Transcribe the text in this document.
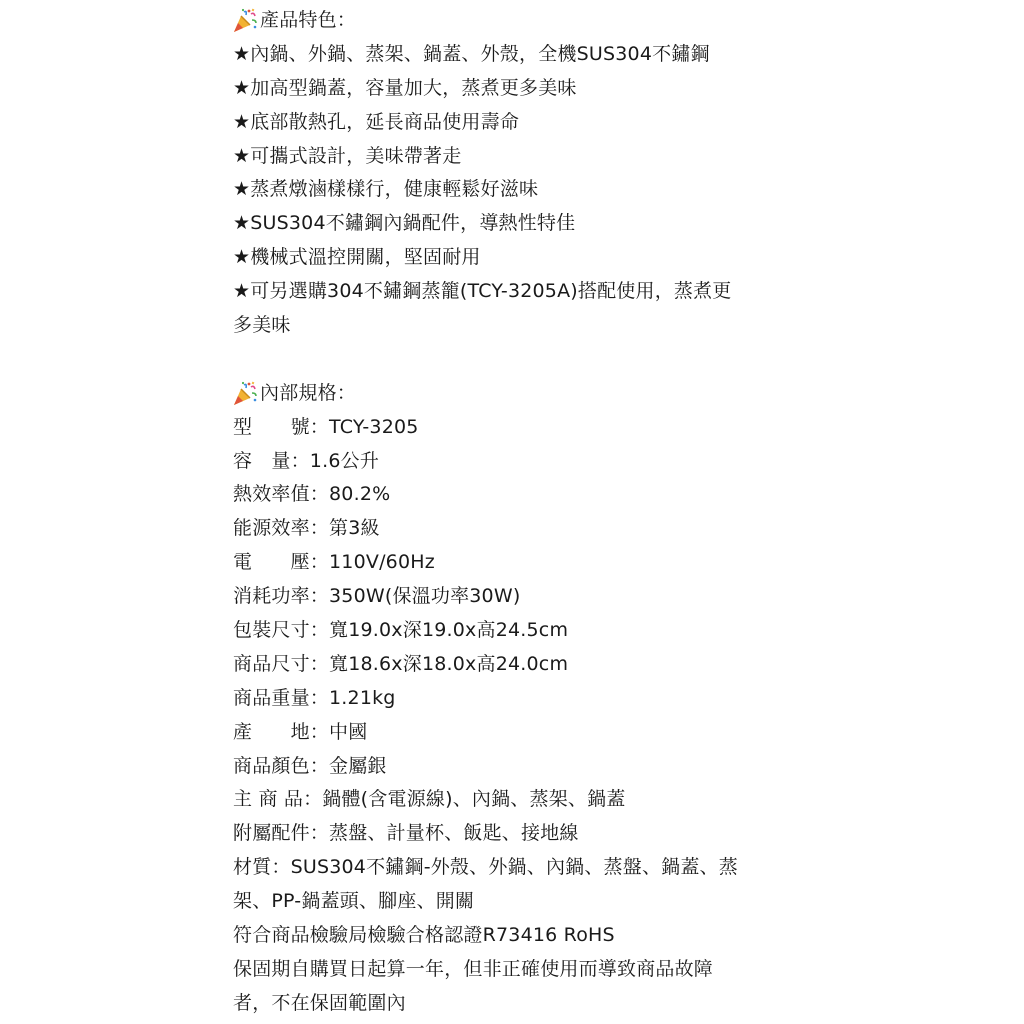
產品特色：
★內鍋、外鍋、蒸架、鍋蓋、外殼，全機SUS304不鏽鋼
★加高型鍋蓋，容量加大，蒸煮更多美味
★底部散熱孔，延長商品使用壽命
★可攜式設計，美味帶著走
★蒸煮燉滷樣樣行，健康輕鬆好滋味
★SUS304不鏽鋼內鍋配件，導熱性特佳
★機械式溫控開關，堅固耐用
★可另選購304不鏽鋼蒸籠(TCY-3205A)搭配使用，蒸煮更
多美味
內部規格：
型　　號：TCY-3205
容　量：1.6公升
熱效率值：80.2%
能源效率：第3級
電　　壓：110V/60Hz
消耗功率：350W(保溫功率30W)
包裝尺寸：寬19.0x深19.0x高24.5cm
商品尺寸：寬18.6x深18.0x高24.0cm
商品重量：1.21kg
產　　地：中國
商品顏色：金屬銀
主 商 品：鍋體(含電源線)、內鍋、蒸架、鍋蓋
附屬配件：蒸盤、計量杯、飯匙、接地線
材質：SUS304不鏽鋼-外殼、外鍋、內鍋、蒸盤、鍋蓋、蒸
架、PP-鍋蓋頭、腳座、開關
符合商品檢驗局檢驗合格認證R73416 RoHS
保固期自購買日起算一年，但非正確使用而導致商品故障
者，不在保固範圍內
